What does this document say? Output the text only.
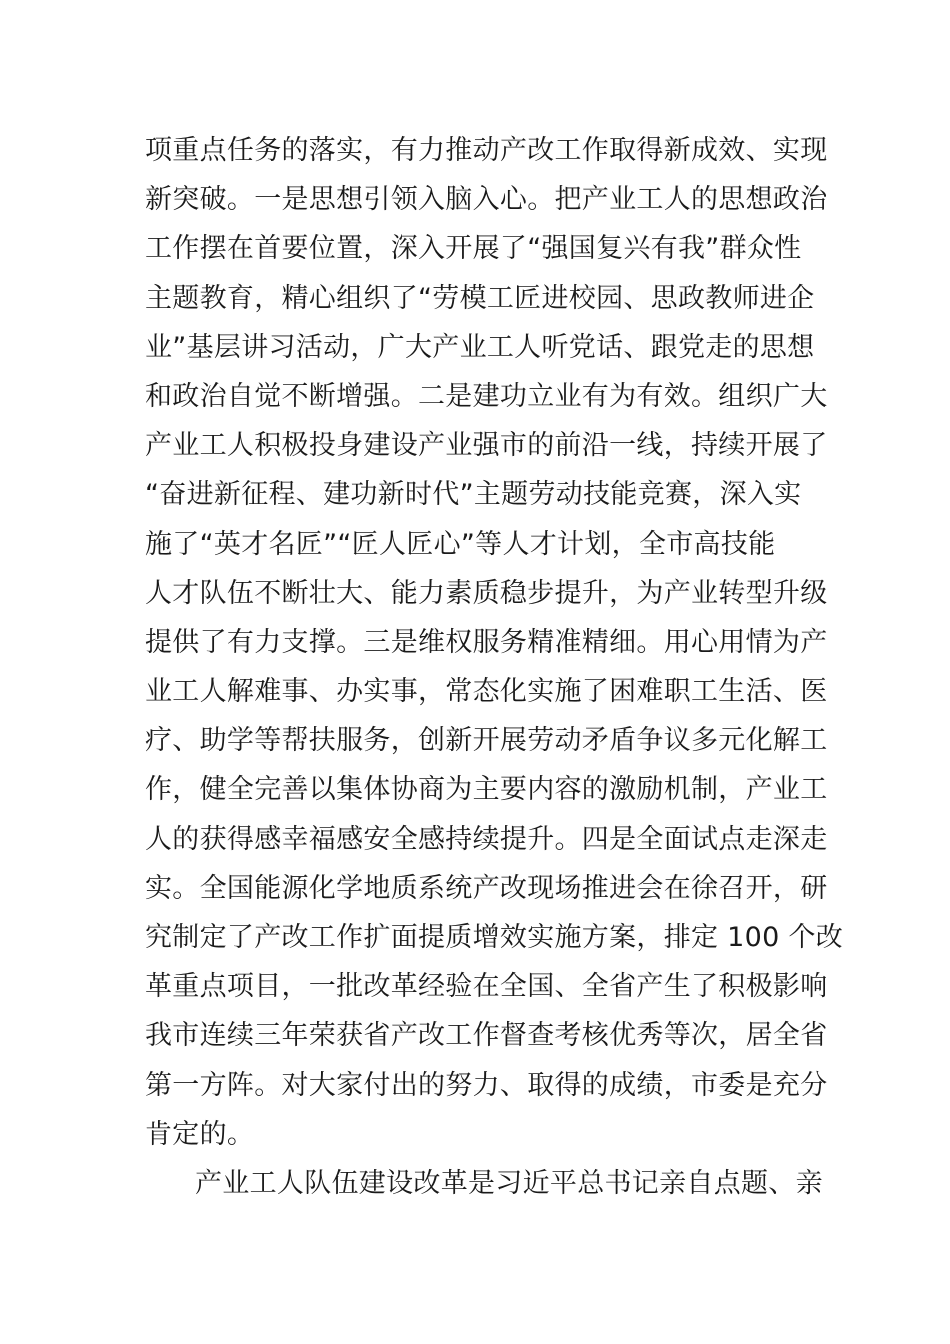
项重点任务的落实，有力推动产改工作取得新成效、实现
新突破。一是思想引领入脑入心。把产业工人的思想政治
工作摆在首要位置，深入开展了“强国复兴有我”群众性
主题教育，精心组织了“劳模工匠进校园、思政教师进企
业”基层讲习活动，广大产业工人听党话、跟党走的思想
和政治自觉不断增强。二是建功立业有为有效。组织广大
产业工人积极投身建设产业强市的前沿一线，持续开展了
“奋进新征程、建功新时代”主题劳动技能竞赛，深入实
施了“英才名匠”“匠人匠心”等人才计划，全市高技能
人才队伍不断壮大、能力素质稳步提升，为产业转型升级
提供了有力支撑。三是维权服务精准精细。用心用情为产
业工人解难事、办实事，常态化实施了困难职工生活、医
疗、助学等帮扶服务，创新开展劳动矛盾争议多元化解工
作，健全完善以集体协商为主要内容的激励机制，产业工
人的获得感幸福感安全感持续提升。四是全面试点走深走
实。全国能源化学地质系统产改现场推进会在徐召开，研
究制定了产改工作扩面提质增效实施方案，排定 100 个改
革重点项目，一批改革经验在全国、全省产生了积极影响
我市连续三年荣获省产改工作督查考核优秀等次，居全省
第一方阵。对大家付出的努力、取得的成绩，市委是充分
肯定的。
产业工人队伍建设改革是习近平总书记亲自点题、亲
